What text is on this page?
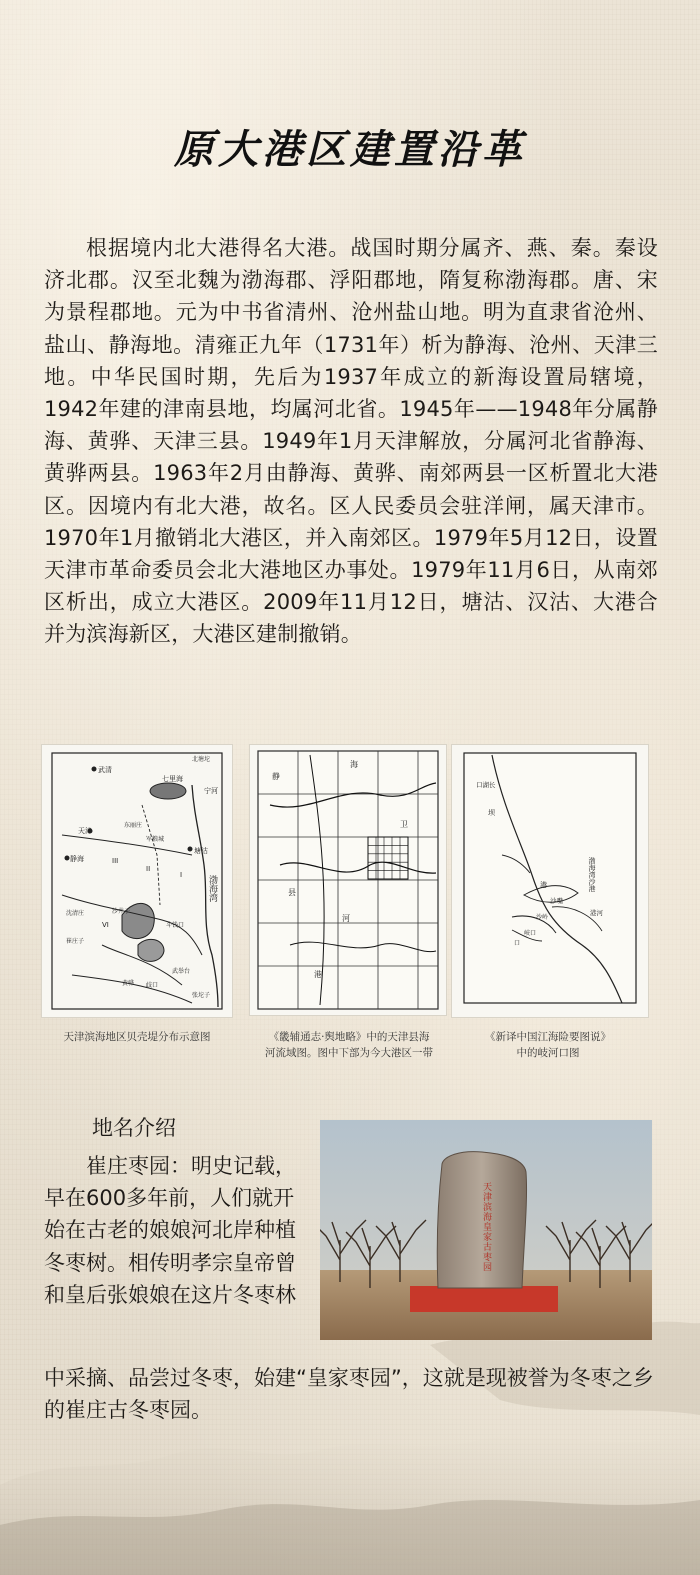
原大港区建置沿革

根据境内北大港得名大港。战国时期分属齐、燕、秦。秦设济北郡。汉至北魏为渤海郡、浮阳郡地，隋复称渤海郡。唐、宋为景程郡地。元为中书省清州、沧州盐山地。明为直隶省沧州、盐山、静海地。清雍正九年（1731年）析为静海、沧州、天津三地。中华民国时期，先后为1937年成立的新海设置局辖境，1942年建的津南县地，均属河北省。1945年——1948年分属静海、黄骅、天津三县。1949年1月天津解放，分属河北省静海、黄骅两县。1963年2月由静海、黄骅、南郊两县一区析置北大港区。因境内有北大港，故名。区人民委员会驻洋闸，属天津市。1970年1月撤销北大港区，并入南郊区。1979年5月12日，设置天津市革命委员会北大港地区办事处。1979年11月6日，从南郊区析出，成立大港区。2009年11月12日，塘沽、汉沽、大港合并为滨海新区，大港区建制撤销。

武清
七里海
北塘坨
宁河
天津
东丽庄
军粮城
塘沽
静海
渤海湾
III
II
I
VI
沈清庄	沙井子
斗钱口
崔庄子
武举台
黄骅 歧口
张坨子
天津滨海地区贝壳堤分布示意图
静
海
卫
县
河
港
《畿辅通志·舆地略》中的天津县海
河流域图。图中下部为今大港区一带
口湖长
坝
港
沙嘴
港河
渤海湾沙港
沙岭
岐口
口
《新译中国江海险要图说》
中的岐河口图
地名介绍

崔庄枣园：明史记载，早在600多年前，人们就开始在古老的娘娘河北岸种植冬枣树。相传明孝宗皇帝曾和皇后张娘娘在这片冬枣林

中采摘、品尝过冬枣，始建“皇家枣园”，这就是现被誉为冬枣之乡的崔庄古冬枣园。

天津滨海皇家古枣园
